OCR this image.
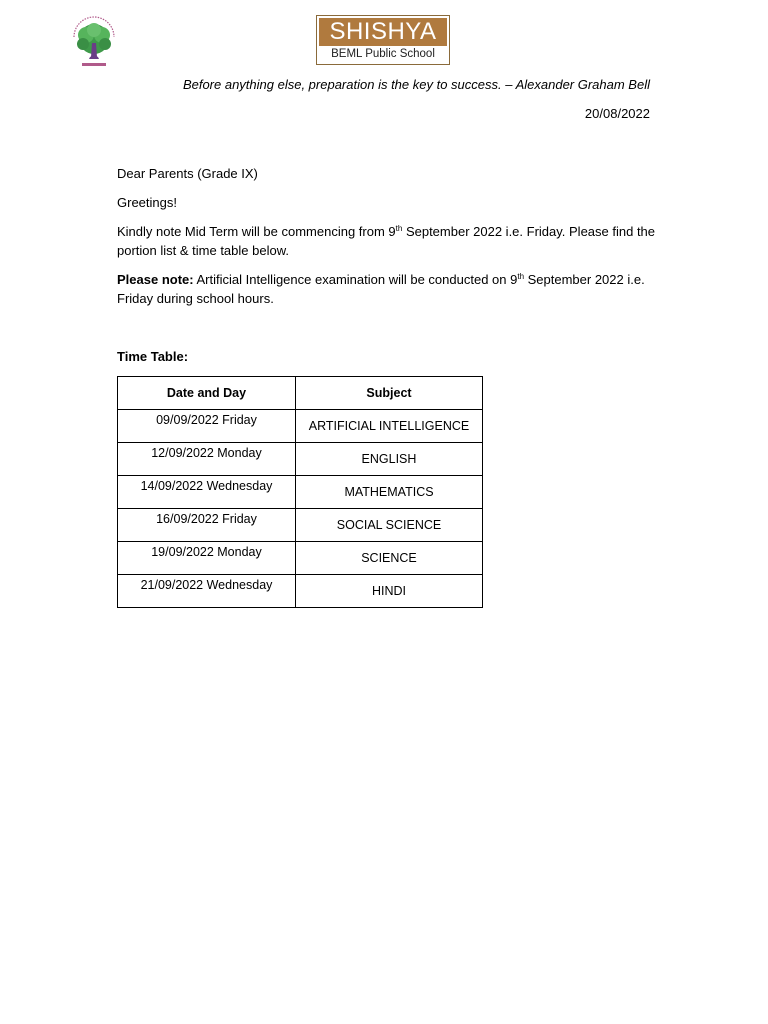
SHISHYA
BEML Public School
Before anything else, preparation is the key to success. – Alexander Graham Bell
20/08/2022
Dear Parents (Grade IX)
Greetings!
Kindly note Mid Term will be commencing from 9th September 2022 i.e. Friday. Please find the portion list & time table below.
Please note: Artificial Intelligence examination will be conducted on 9th September 2022 i.e. Friday during school hours.
Time Table:
Date and Day	Subject
09/09/2022 Friday	ARTIFICIAL INTELLIGENCE
12/09/2022 Monday	ENGLISH
14/09/2022 Wednesday	MATHEMATICS
16/09/2022 Friday	SOCIAL SCIENCE
19/09/2022 Monday	SCIENCE
21/09/2022 Wednesday	HINDI
